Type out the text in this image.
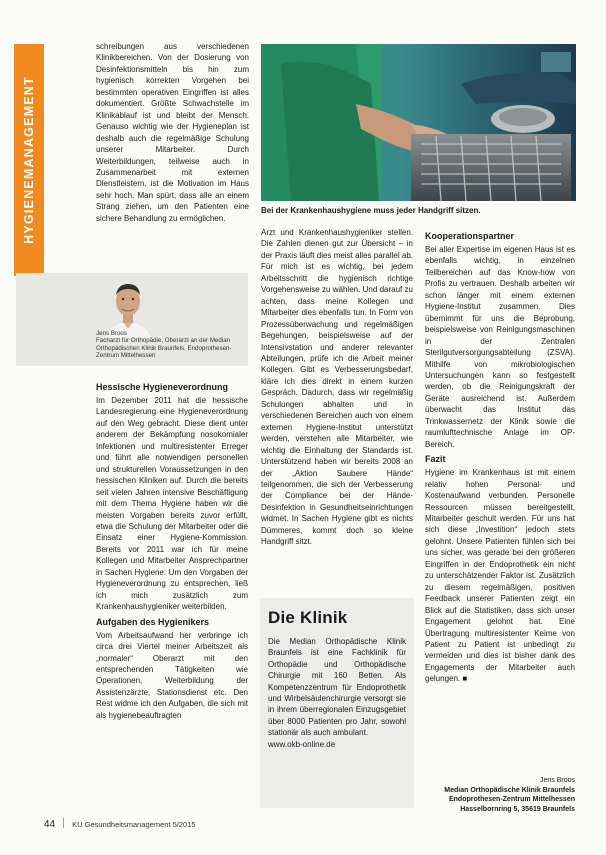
HYGIENEMANAGEMENT

schreibungen aus verschiedenen Klinikbereichen. Von der Dosierung von Desinfektionsmitteln bis hin zum hygienisch korrekten Vorgehen bei bestimmten operativen Eingriffen ist alles dokumentiert. Größte Schwachstelle im Klinikablauf ist und bleibt der Mensch. Genauso wichtig wie der Hygieneplan ist deshalb auch die regelmäßige Schulung unserer Mitarbeiter. Durch Weiterbildungen, teilweise auch in Zusammenarbeit mit externen Dienstleistern, ist die Motivation im Haus sehr hoch. Man spürt, dass alle an einem Strang ziehen, um den Patienten eine sichere Behandlung zu ermöglichen.

Bei der Krankenhaushygiene muss jeder Handgriff sitzen.
Jens Broos
Facharzt für Orthopädie, Oberarzt an der Median Orthopädischen Klinik Braunfels, Endoprothesen-Zentrum Mittelhessen
Hessische Hygieneverordnung

Im Dezember 2011 hat die hessische Landesregierung eine Hygieneverordnung auf den Weg gebracht. Diese dient unter anderem der Bekämpfung nosokomialer Infektionen und multiresistenter Erreger und führt alle notwendigen personellen und strukturellen Voraussetzungen in den hessischen Kliniken auf. Durch die bereits seit vielen Jahren intensive Beschäftigung mit dem Thema Hygiene haben wir die meisten Vorgaben bereits zuvor erfüllt, etwa die Schulung der Mitarbeiter oder die Einsatz einer Hygiene-Kommission. Bereits vor 2011 war ich für meine Kollegen und Mitarbeiter Ansprechpartner in Sachen Hygiene. Um den Vorgaben der Hygieneverordnung zu entsprechen, ließ ich mich zusätzlich zum Krankenhaushygieniker weiterbilden.

Aufgaben des Hygienikers

Vom Arbeitsaufwand her verbringe ich circa drei Viertel meiner Arbeitszeit als „normaler“ Oberarzt mit den entsprechenden Tätigkeiten wie Operationen, Weiterbildung der Assistenzärzte, Stationsdienst etc. Den Rest widme ich den Aufgaben, die sich mit als hygienebeauftragten

Arzt und Krankenhaushygieniker stellen. Die Zahlen dienen gut zur Übersicht – in der Praxis läuft dies meist alles parallel ab. Für mich ist es wichtig, bei jedem Arbeitsschritt die hygienisch richtige Vorgehensweise zu wählen. Und darauf zu achten, dass meine Kollegen und Mitarbeiter dies ebenfalls tun. In Form von Prozessüberwachung und regelmäßigen Begehungen, beispielsweise auf der Intensivstation und anderer relevanter Abteilungen, prüfe ich die Arbeit meiner Kollegen. Gibt es Verbesserungsbedarf, kläre ich dies direkt in einem kurzen Gespräch. Dadurch, dass wir regelmäßig Schulungen abhalten und in verschiedenen Bereichen auch von einem externen Hygiene-Institut unterstützt werden, verstehen alle Mitarbeiter, wie wichtig die Einhaltung der Standards ist. Unterstützend haben wir bereits 2008 an der „Aktion Saubere Hände“ teilgenommen, die sich der Verbesserung der Compliance bei der Hände-Desinfektion in Gesundheitseinrichtungen widmet. In Sachen Hygiene gibt es nichts Dümmeres, kommt doch so kleine Handgriff sitzt.

Die Klinik

Die Median Orthopädische Klinik Braunfels ist eine Fachklinik für Orthopädie und Orthopädische Chirurgie mit 160 Betten. Als Kompetenzzentrum für Endoprothetik und Wirbelsäulenchirurgie versorgt sie in ihrem überregionalen Einzugsgebiet über 8000 Patienten pro Jahr, sowohl stationär als auch ambulant.

www.okb-online.de

Kooperationspartner

Bei aller Expertise im eigenen Haus ist es ebenfalls wichtig, in einzelnen Teilbereichen auf das Know-how von Profis zu vertrauen. Deshalb arbeiten wir schon länger mit einem externen Hygiene-Institut zusammen. Dies übernimmt für uns die Beprobung, beispielsweise von Reinigungsmaschinen in der Zentralen Sterilgutversorgungsabteilung (ZSVA). Mithilfe von mikrobiologischen Untersuchungen kann so festgestellt werden, ob die Reinigungskraft der Geräte ausreichend ist. Außerdem überwacht das Institut das Trinkwassernetz der Klinik sowie die raumlufttechnische Anlage im OP-Bereich.

Fazit

Hygiene im Krankenhaus ist mit einem relativ hohen Personal- und Kostenaufwand verbunden. Personelle Ressourcen müssen bereitgestellt, Mitarbeiter geschult werden. Für uns hat sich diese „Investition“ jedoch stets gelohnt. Unsere Patienten fühlen sich bei uns sicher, was gerade bei den größeren Eingriffen in der Endoprothetik ein nicht zu unterschätzender Faktor ist. Zusätzlich zu diesem regelmäßigen, positiven Feedback unserer Patienten zeigt ein Blick auf die Statistiken, dass sich unser Engagement gelohnt hat. Eine Übertragung multiresistenter Keime von Patient zu Patient ist unbedingt zu vermeiden und dies ist bisher dank des Engagements der Mitarbeiter auch gelungen. ■

Jens Broos
Median Orthopädische Klinik Braunfels
Endoprothesen-Zentrum Mittelhessen
Hasselbornring 5, 35619 Braunfels
44 KU Gesundheitsmanagement 5/2015
